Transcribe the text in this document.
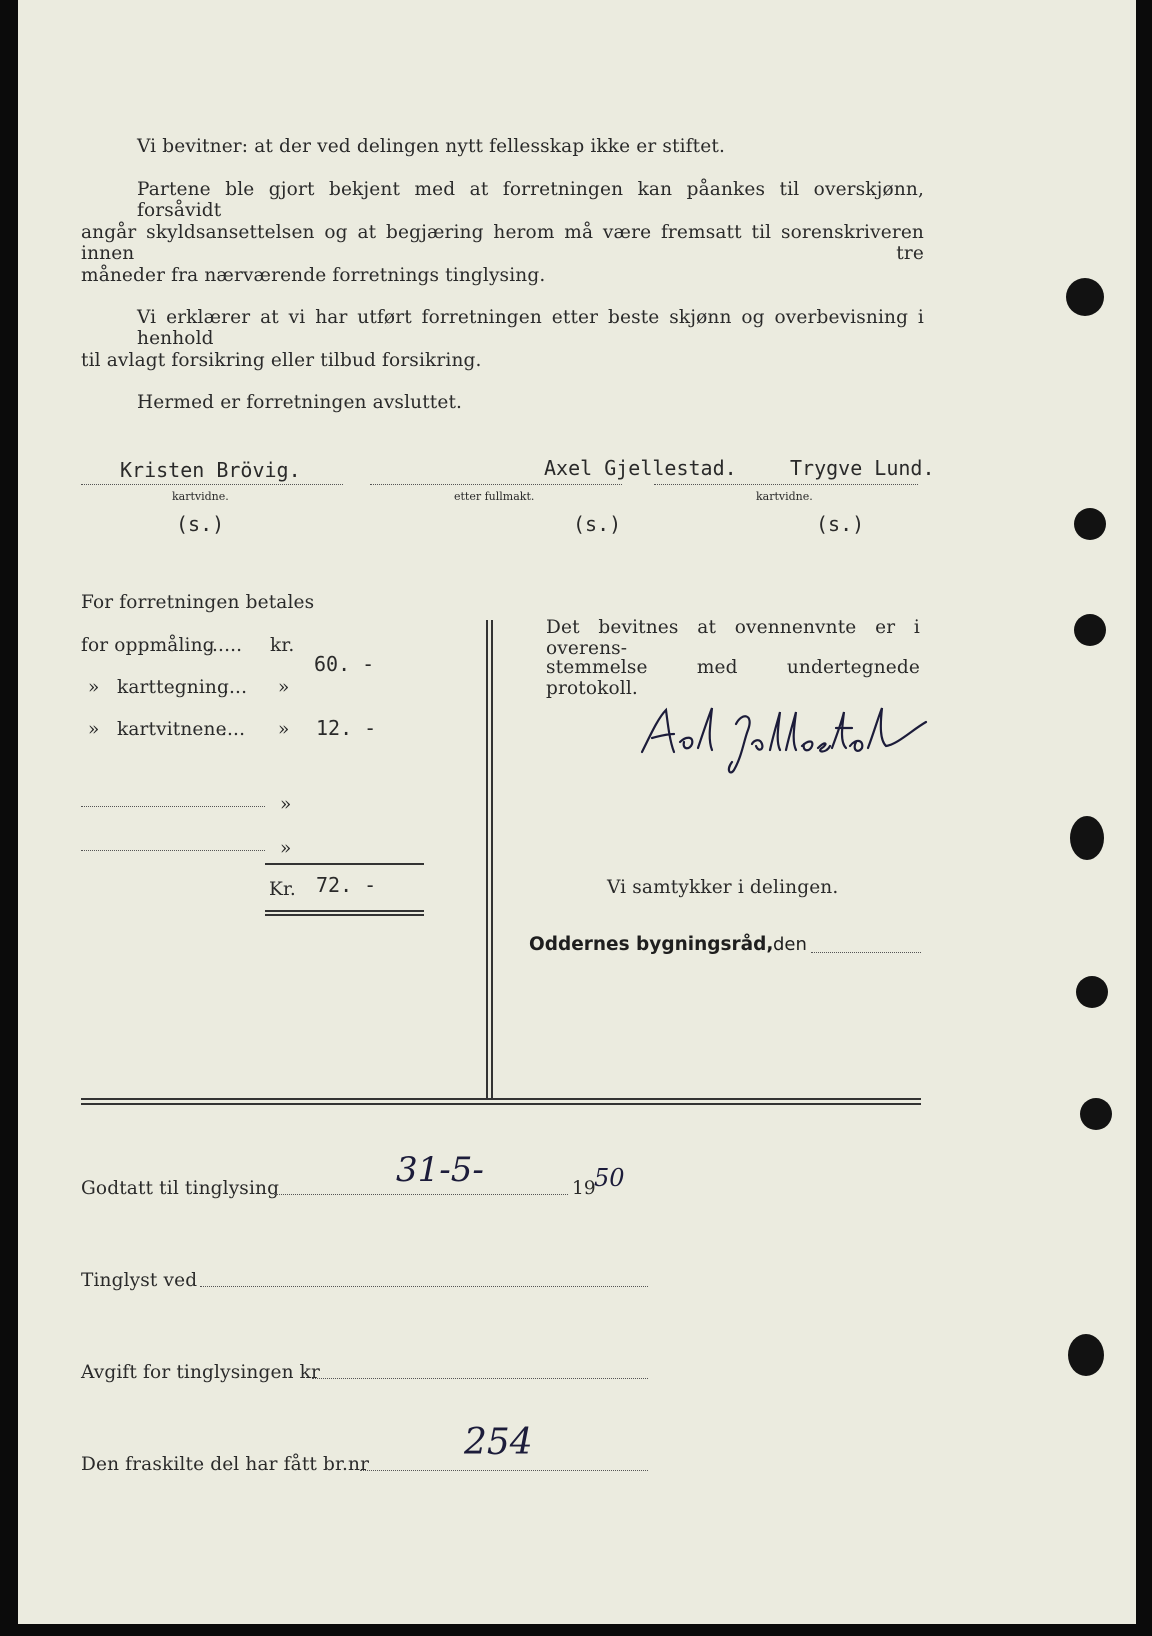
Vi bevitner: at der ved delingen nytt fellesskap ikke er stiftet.
Partene ble gjort bekjent med at forretningen kan påankes til overskjønn, forsåvidt
angår skyldsansettelsen og at begjæring herom må være fremsatt til sorenskriveren innen tre
måneder fra nærværende forretnings tinglysing.
Vi erklærer at vi har utført forretningen etter beste skjønn og overbevisning i henhold
til avlagt forsikring eller tilbud forsikring.
Hermed er forretningen avsluttet.
Kristen Brövig.
kartvidne.
(s.)
Axel Gjellestad.
etter fullmakt.
(s.)
Trygve Lund.
kartvidne.
(s.)
For forretningen betales
for oppmåling
...... kr.
60. -
» karttegning
.... »
» kartvitnene
.... » 12. -
»
»
Kr. 72. -
Det bevitnes at ovennenvnte er i overens-
stemmelse med undertegnede protokoll.
Vi samtykker i delingen.
Oddernes bygningsråd, den
Godtatt til tinglysing	31-5-	19
50
Tinglyst ved
Avgift for tinglysingen kr
Den fraskilte del har fått br.nr
254
